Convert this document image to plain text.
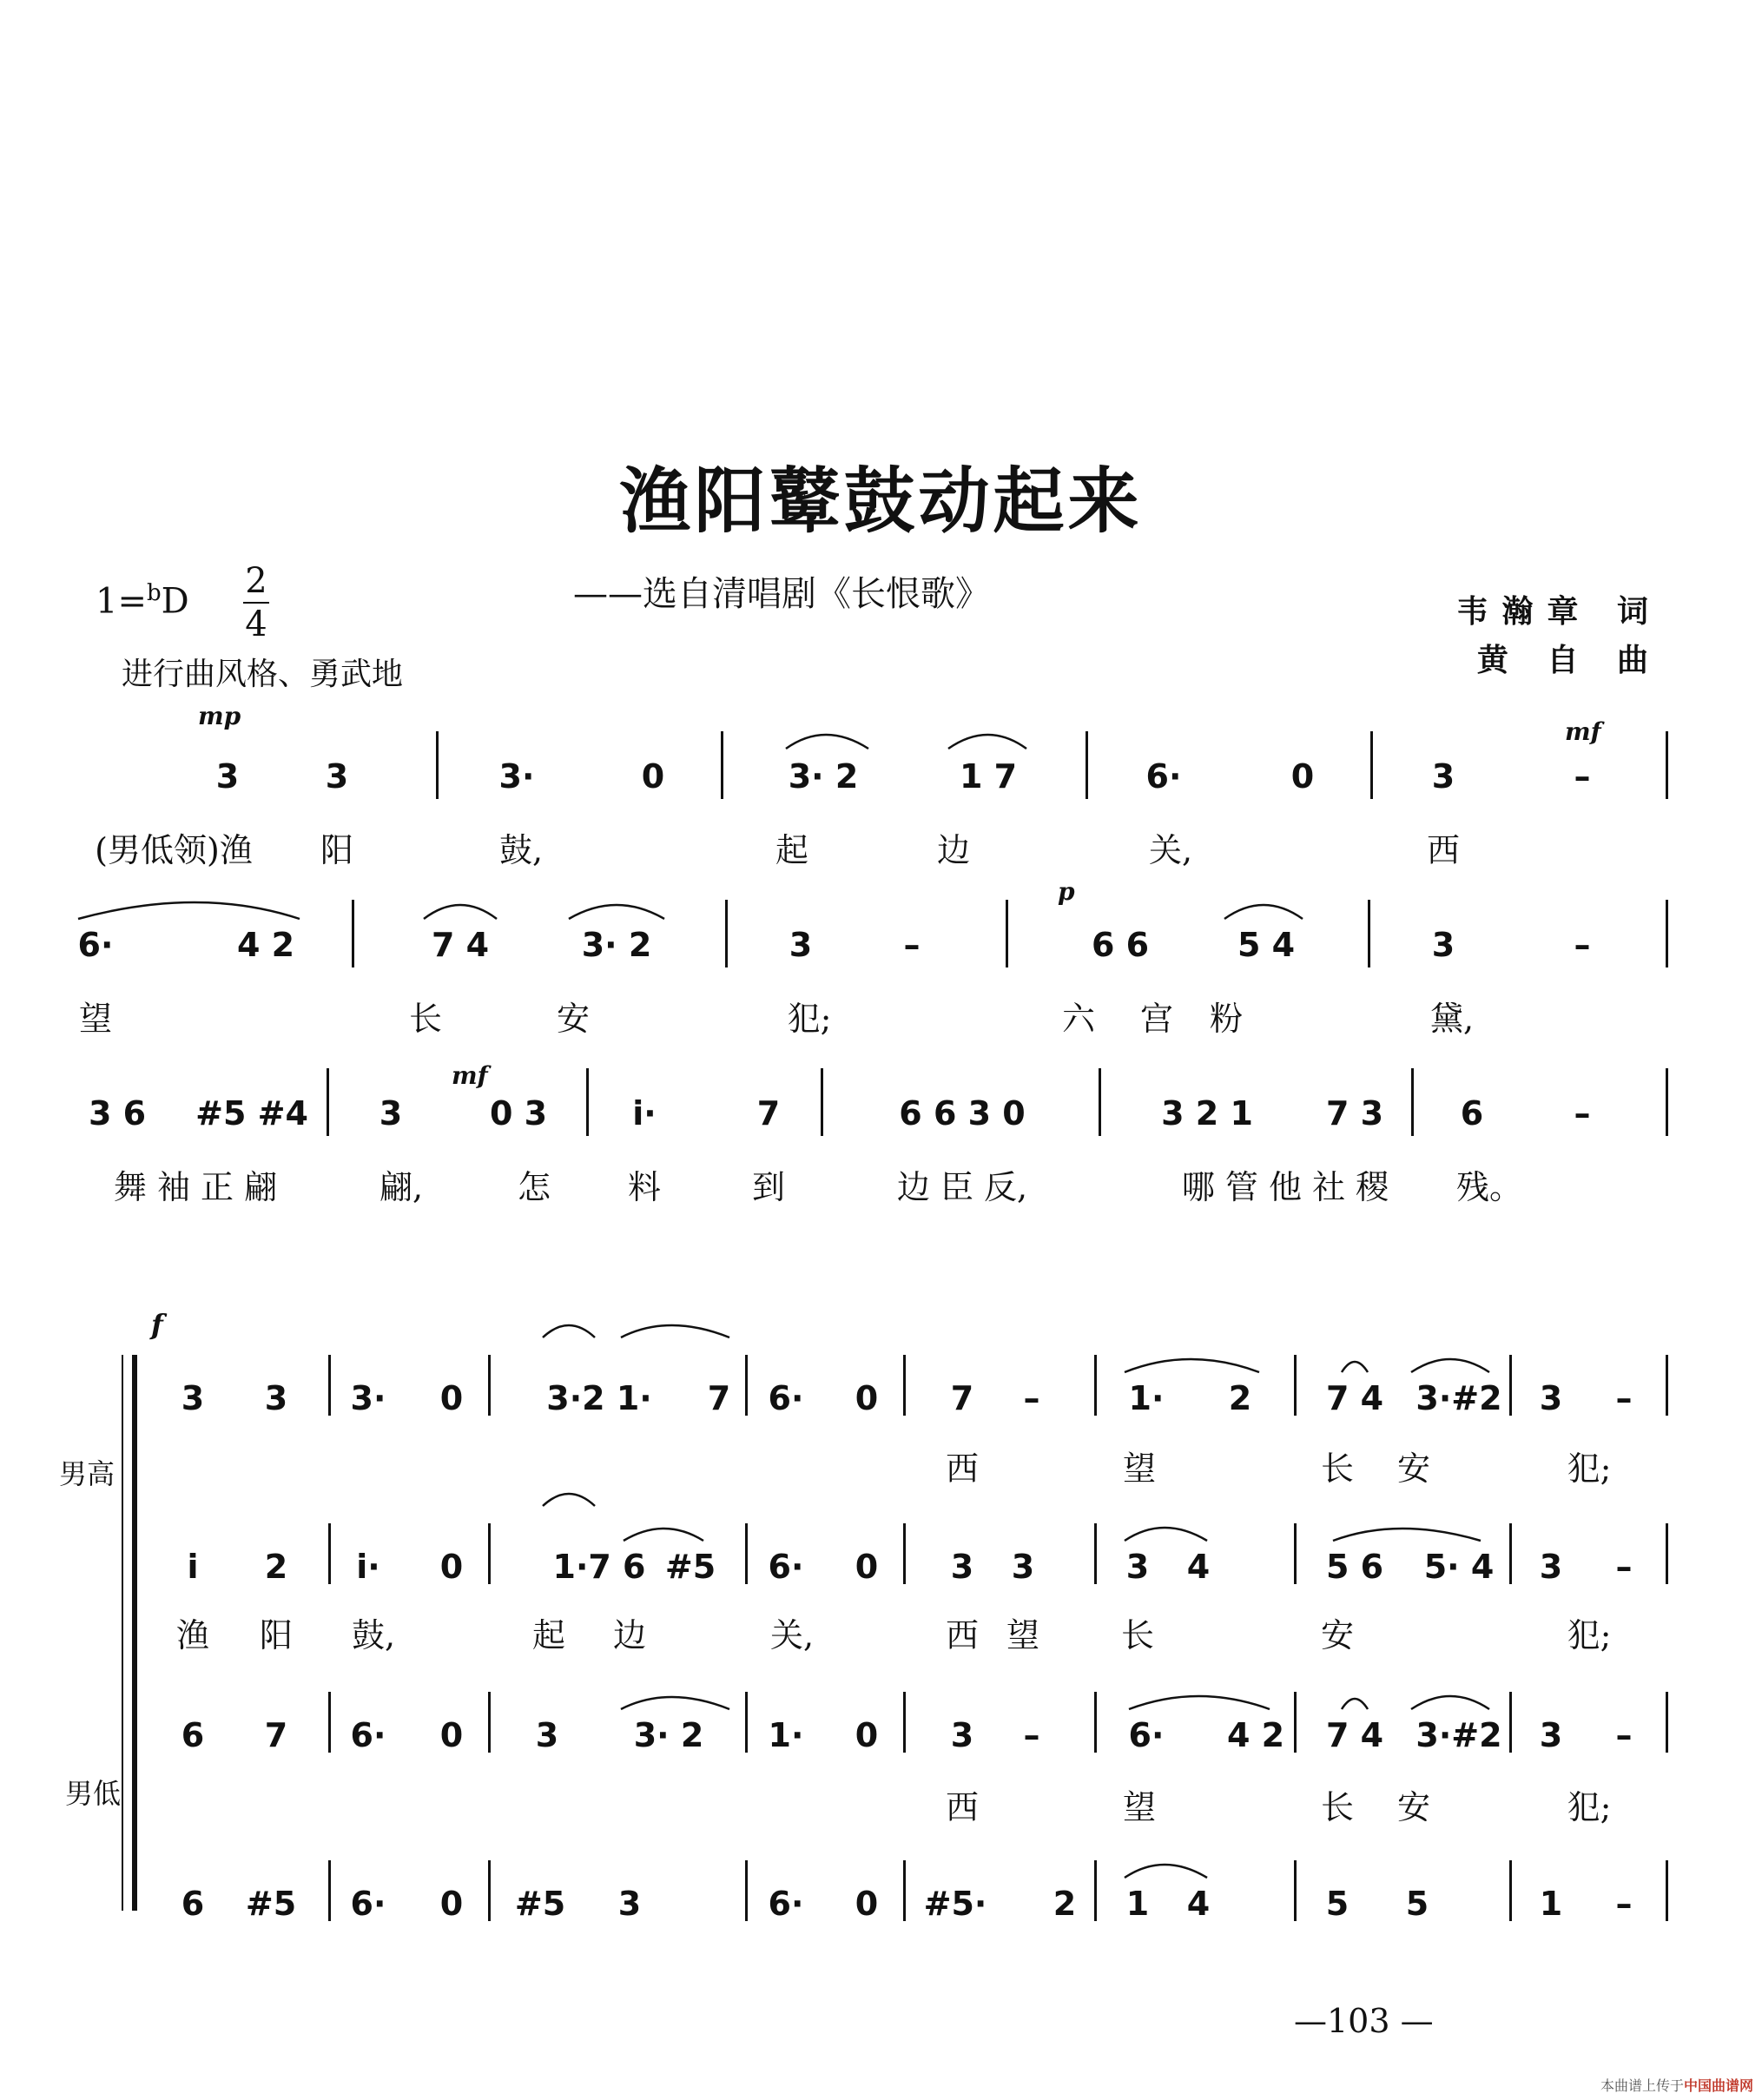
渔阳鼙鼓动起来
——选自清唱剧《长恨歌》
1=$^b$D
2
4
进行曲风格、勇武地
韦瀚章 词
黄 自 曲
mp
mf
p
mf
f
3	3	3·	0	3· 2	1 7	6·	0	3	–
(男低领)渔 阳	鼓,	起	边	关,	西
6·	4 2	7 4	3· 2	3	–	6 6	5 4	3	–
望	长	安	犯;	六 宫 粉	黛,
3 6 #5 #4 3	0 3	i·	7	6 6 3 0	3 2 1 7 3 6	–
舞 袖 正 翩	翩,	怎 料	到	边 臣 反,	哪 管 他 社 稷 残。
男高
男低
3 3 3· 0	3·2 1· 7 6· 0 7 –	1· 2 7 4 3·#2 3 –
西	望	长 安	犯;
i 2 i· 0	1·7 6 #5 6· 0 3 3	3 4	5 6 5· 4 3 –
渔 阳 鼓,	起 边	关,	西 望 长	安	犯;
6 7 6· 0 3 3· 2 1· 0 3 –	6· 4 2 7 4 3·#2 3 –
西	望	长 安	犯;
6 #5 6· 0 #5 3	6· 0 #5· 2 1 4	5 5	1 –
—103 —
本曲谱上传于中国曲谱网
